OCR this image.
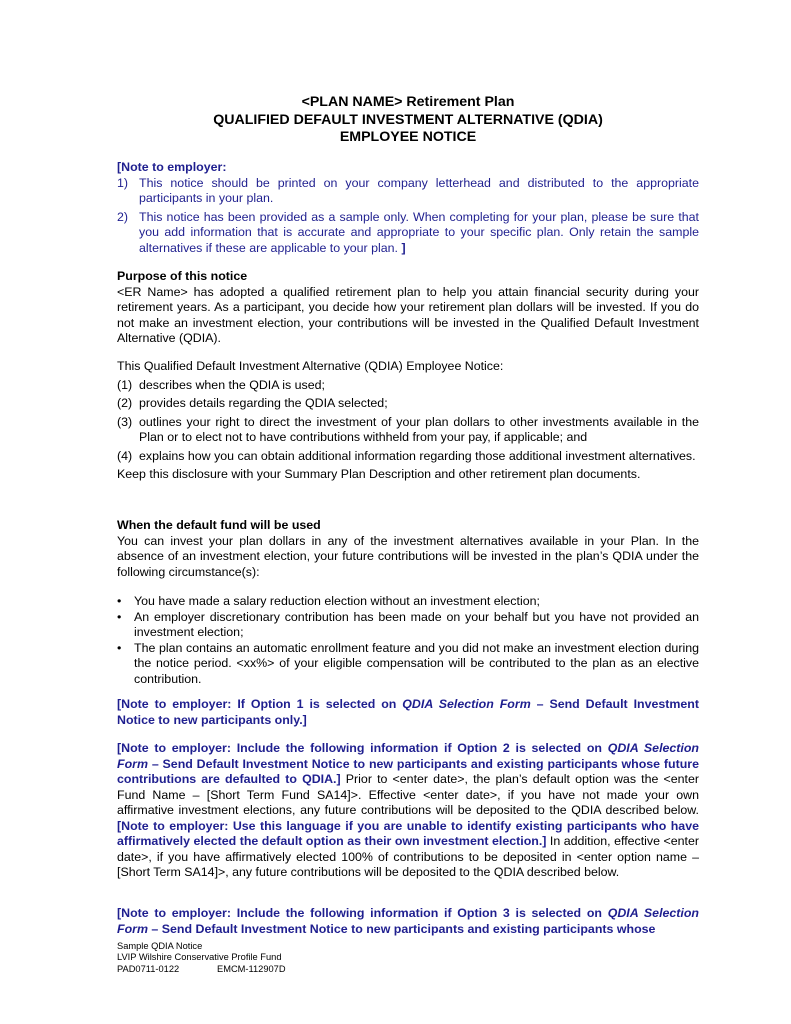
<PLAN NAME> Retirement Plan
QUALIFIED DEFAULT INVESTMENT ALTERNATIVE (QDIA)
EMPLOYEE NOTICE
[Note to employer:
1) This notice should be printed on your company letterhead and distributed to the appropriate participants in your plan.
2) This notice has been provided as a sample only. When completing for your plan, please be sure that you add information that is accurate and appropriate to your specific plan. Only retain the sample alternatives if these are applicable to your plan. ]
Purpose of this notice
<ER Name> has adopted a qualified retirement plan to help you attain financial security during your retirement years. As a participant, you decide how your retirement plan dollars will be invested. If you do not make an investment election, your contributions will be invested in the Qualified Default Investment Alternative (QDIA).
This Qualified Default Investment Alternative (QDIA) Employee Notice:
(1) describes when the QDIA is used;
(2) provides details regarding the QDIA selected;
(3) outlines your right to direct the investment of your plan dollars to other investments available in the Plan or to elect not to have contributions withheld from your pay, if applicable; and
(4) explains how you can obtain additional information regarding those additional investment alternatives.
Keep this disclosure with your Summary Plan Description and other retirement plan documents.
When the default fund will be used
You can invest your plan dollars in any of the investment alternatives available in your Plan. In the absence of an investment election, your future contributions will be invested in the plan’s QDIA under the following circumstance(s):
• You have made a salary reduction election without an investment election;
• An employer discretionary contribution has been made on your behalf but you have not provided an investment election;
• The plan contains an automatic enrollment feature and you did not make an investment election during the notice period. <xx%> of your eligible compensation will be contributed to the plan as an elective contribution.
[Note to employer: If Option 1 is selected on QDIA Selection Form – Send Default Investment Notice to new participants only.]
[Note to employer: Include the following information if Option 2 is selected on QDIA Selection Form – Send Default Investment Notice to new participants and existing participants whose future contributions are defaulted to QDIA.] Prior to <enter date>, the plan’s default option was the <enter Fund Name – [Short Term Fund SA14]>. Effective <enter date>, if you have not made your own affirmative investment elections, any future contributions will be deposited to the QDIA described below. [Note to employer: Use this language if you are unable to identify existing participants who have affirmatively elected the default option as their own investment election.] In addition, effective <enter date>, if you have affirmatively elected 100% of contributions to be deposited in <enter option name – [Short Term SA14]>, any future contributions will be deposited to the QDIA described below.
[Note to employer: Include the following information if Option 3 is selected on QDIA Selection Form – Send Default Investment Notice to new participants and existing participants whose
Sample QDIA Notice
LVIP Wilshire Conservative Profile Fund
PAD0711-0122	EMCM-112907D
